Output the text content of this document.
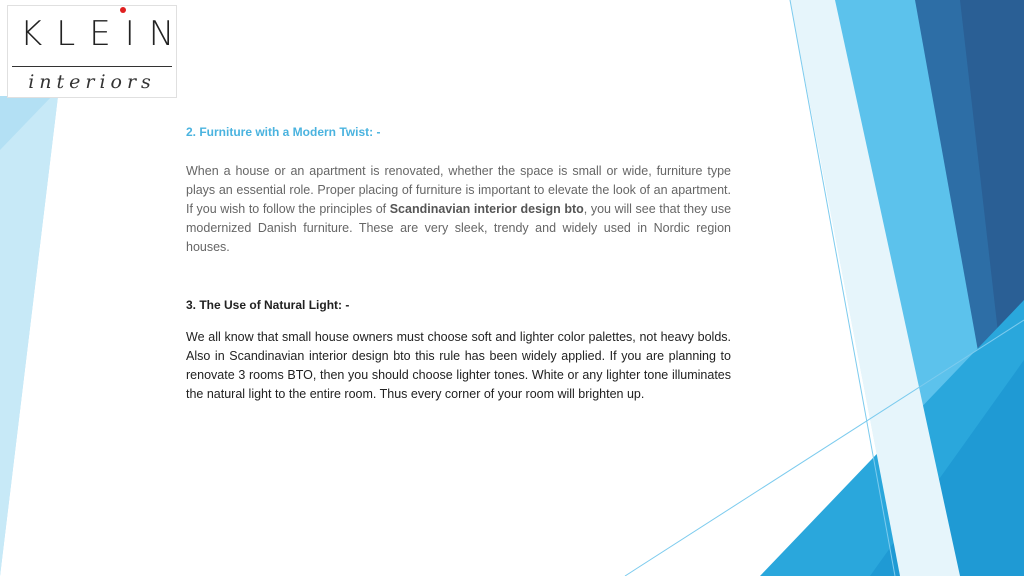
KLEIN
interiors
2. Furniture with a Modern Twist: -

When a house or an apartment is renovated, whether the space is small or wide, furniture type plays an essential role. Proper placing of furniture is important to elevate the look of an apartment. If you wish to follow the principles of Scandinavian interior design bto, you will see that they use modernized Danish furniture. These are very sleek, trendy and widely used in Nordic region houses.

3. The Use of Natural Light: -

We all know that small house owners must choose soft and lighter color palettes, not heavy bolds. Also in Scandinavian interior design bto this rule has been widely applied. If you are planning to renovate 3 rooms BTO, then you should choose lighter tones. White or any lighter tone illuminates the natural light to the entire room. Thus every corner of your room will brighten up.
